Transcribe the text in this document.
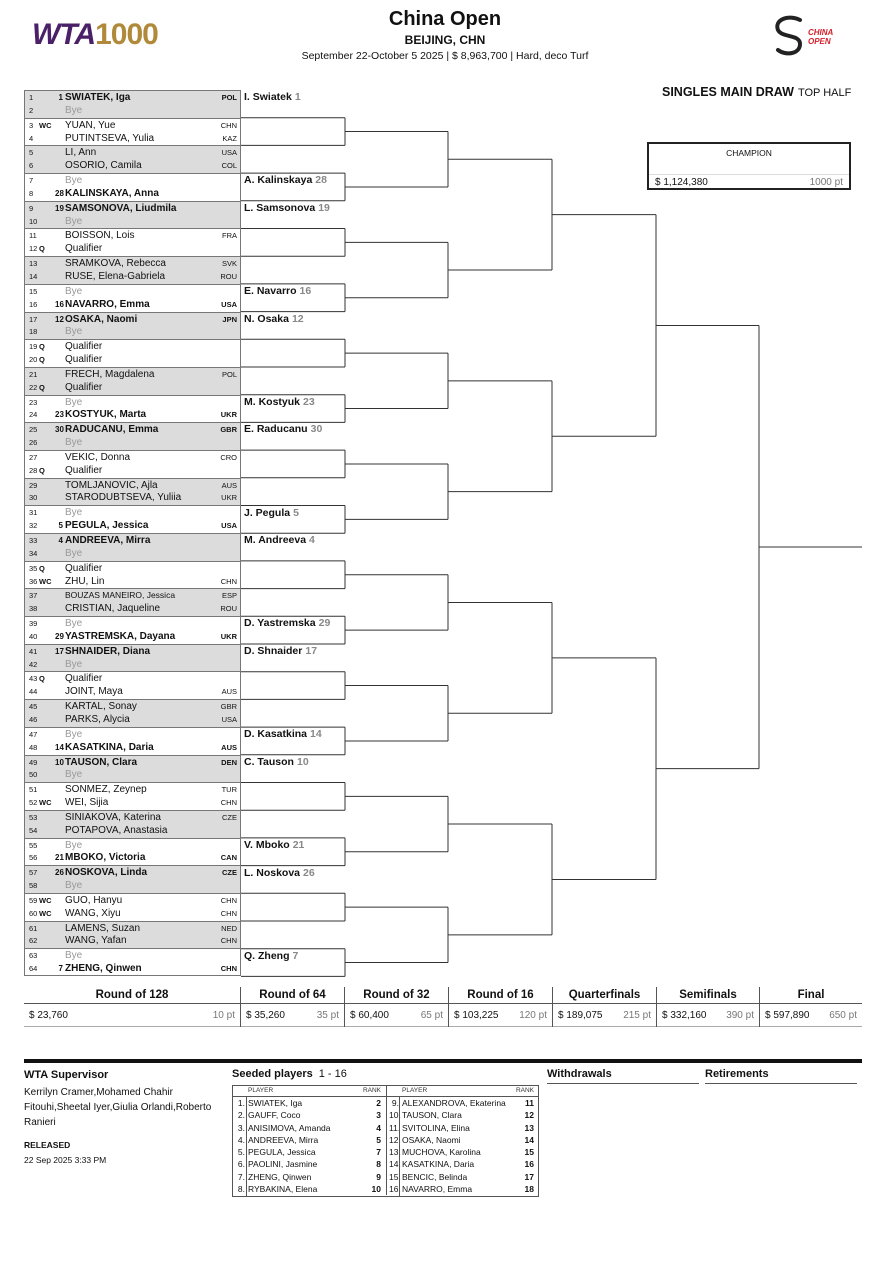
WTA1000	China Open
BEIJING, CHN
September 22-October 5 2025 | $ 8,963,700 | Hard, deco Turf
CHINA OPEN
SINGLES MAIN DRAW TOP HALF
CHAMPION
$ 1,124,380	1000 pt
1	1 SWIATEK, Iga	POL
2	Bye
3 WC YUAN, Yue	CHN
4	PUTINTSEVA, Yulia	KAZ
5	LI, Ann	USA
6	OSORIO, Camila	COL
7	Bye
8	28 KALINSKAYA, Anna
9	19 SAMSONOVA, Liudmila
10	Bye
11	BOISSON, Lois	FRA
12 Q Qualifier
13	SRAMKOVA, Rebecca	SVK
14	RUSE, Elena-Gabriela	ROU
15	Bye
16 16 NAVARRO, Emma	USA
17 12 OSAKA, Naomi	JPN
18	Bye
19 Q Qualifier
20 Q Qualifier
21	FRECH, Magdalena	POL
22 Q Qualifier
23	Bye
24 23 KOSTYUK, Marta	UKR
25 30 RADUCANU, Emma	GBR
26	Bye
27	VEKIC, Donna	CRO
28 Q Qualifier
29	TOMLJANOVIC, Ajla	AUS
30	STARODUBTSEVA, Yuliia	UKR
31	Bye
32	5 PEGULA, Jessica	USA
33	4 ANDREEVA, Mirra
34	Bye
35 Q Qualifier
36 WC ZHU, Lin	CHN
37	BOUZAS MANEIRO, Jessica	ESP
38	CRISTIAN, Jaqueline	ROU
39	Bye
40 29 YASTREMSKA, Dayana	UKR
41 17 SHNAIDER, Diana
42	Bye
43 Q Qualifier
44	JOINT, Maya	AUS
45	KARTAL, Sonay	GBR
46	PARKS, Alycia	USA
47	Bye
48 14 KASATKINA, Daria	AUS
49 10 TAUSON, Clara	DEN
50	Bye
51	SONMEZ, Zeynep	TUR
52 WC WEI, Sijia	CHN
53	SINIAKOVA, Katerina	CZE
54	POTAPOVA, Anastasia
55	Bye
56 21 MBOKO, Victoria	CAN
57 26 NOSKOVA, Linda	CZE
58	Bye
59 WC GUO, Hanyu	CHN
60 WC WANG, Xiyu	CHN
61	LAMENS, Suzan	NED
62	WANG, Yafan	CHN
63	Bye
64	7 ZHENG, Qinwen	CHN
I. Swiatek 1
A. Kalinskaya 28
L. Samsonova 19
E. Navarro 16
N. Osaka 12
M. Kostyuk 23
E. Raducanu 30
J. Pegula 5
M. Andreeva 4
D. Yastremska 29
D. Shnaider 17
D. Kasatkina 14
C. Tauson 10
V. Mboko 21
L. Noskova 26
Q. Zheng 7
Round of 128
$ 23,760	10 pt
Round of 64
$ 35,260	35 pt
Round of 32
$ 60,400	65 pt
Round of 16
$ 103,225 120 pt
Quarterfinals
$ 189,075 215 pt
Semifinals
$ 332,160 390 pt
Final
$ 597,890 650 pt
WTA Supervisor
Kerrilyn Cramer,Mohamed Chahir Fitouhi,Sheetal Iyer,Giulia Orlandi,Roberto Ranieri
RELEASED
22 Sep 2025 3:33 PM
Seeded players 1 - 16
PLAYER	RANK
1. SWIATEK, Iga	2
2. GAUFF, Coco	3
3. ANISIMOVA, Amanda	4
4. ANDREEVA, Mirra	5
5. PEGULA, Jessica	7
6. PAOLINI, Jasmine	8
7. ZHENG, Qinwen	9
8. RYBAKINA, Elena	10
PLAYER	RANK
9. ALEXANDROVA, Ekaterina 11
10. TAUSON, Clara	12
11. SVITOLINA, Elina	13
12. OSAKA, Naomi	14
13. MUCHOVA, Karolina	15
14. KASATKINA, Daria	16
15. BENCIC, Belinda	17
16. NAVARRO, Emma	18
Withdrawals	Retirements
